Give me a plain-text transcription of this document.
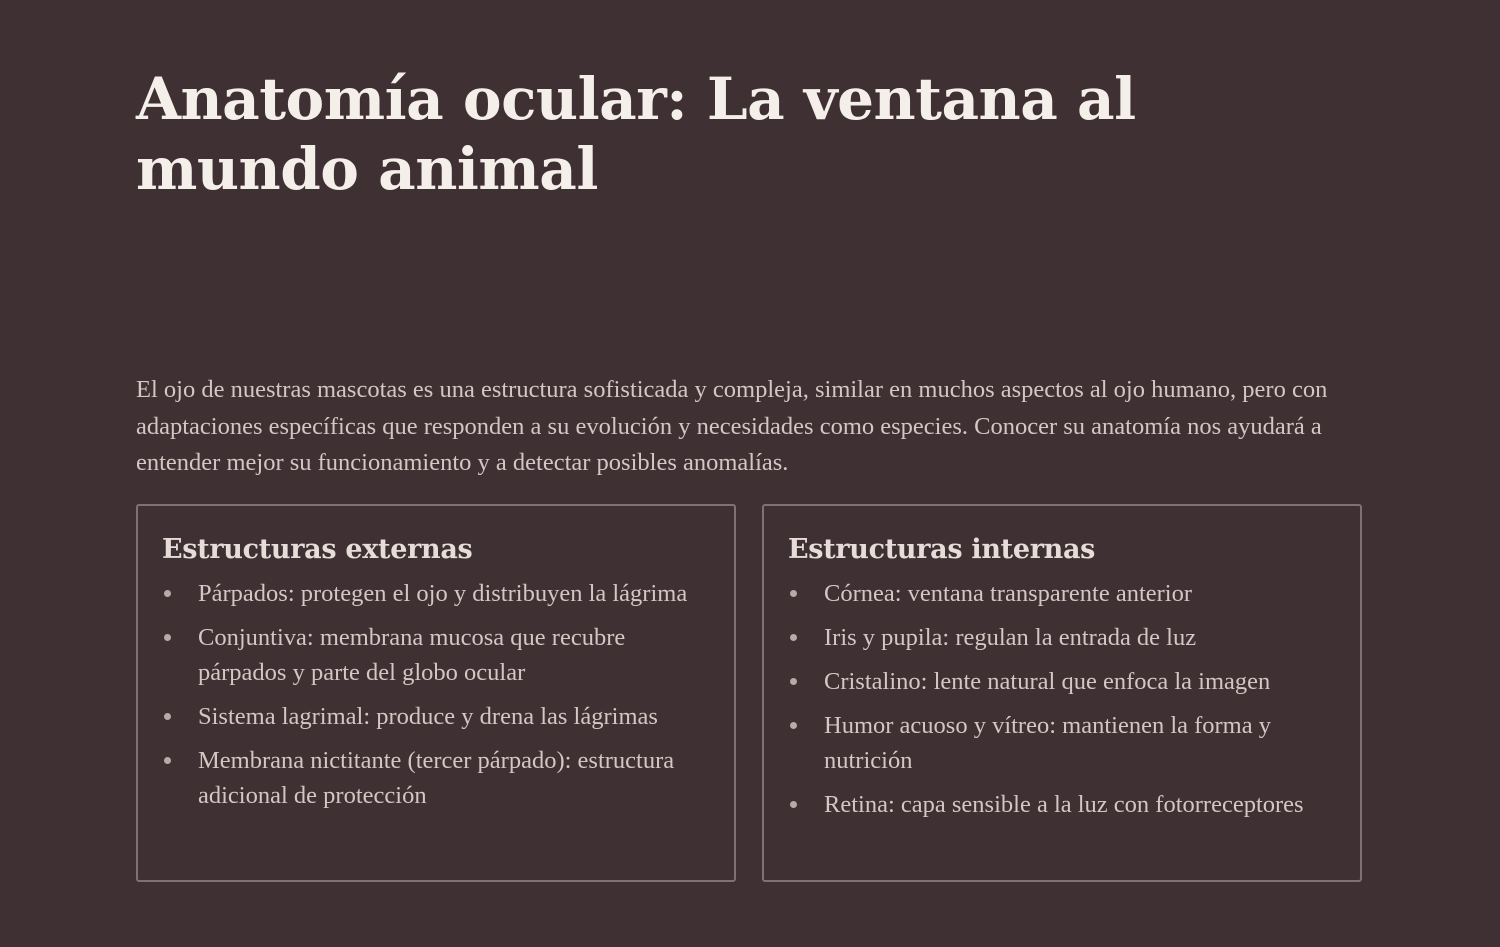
Anatomía ocular: La ventana al mundo animal

El ojo de nuestras mascotas es una estructura sofisticada y compleja, similar en muchos aspectos al ojo humano, pero con adaptaciones específicas que responden a su evolución y necesidades como especies. Conocer su anatomía nos ayudará a entender mejor su funcionamiento y a detectar posibles anomalías.

Estructuras externas
Párpados: protegen el ojo y distribuyen la lágrima
Conjuntiva: membrana mucosa que recubre párpados y parte del globo ocular
Sistema lagrimal: produce y drena las lágrimas
Membrana nictitante (tercer párpado): estructura adicional de protección
Estructuras internas
Córnea: ventana transparente anterior
Iris y pupila: regulan la entrada de luz
Cristalino: lente natural que enfoca la imagen
Humor acuoso y vítreo: mantienen la forma y nutrición
Retina: capa sensible a la luz con fotorreceptores
